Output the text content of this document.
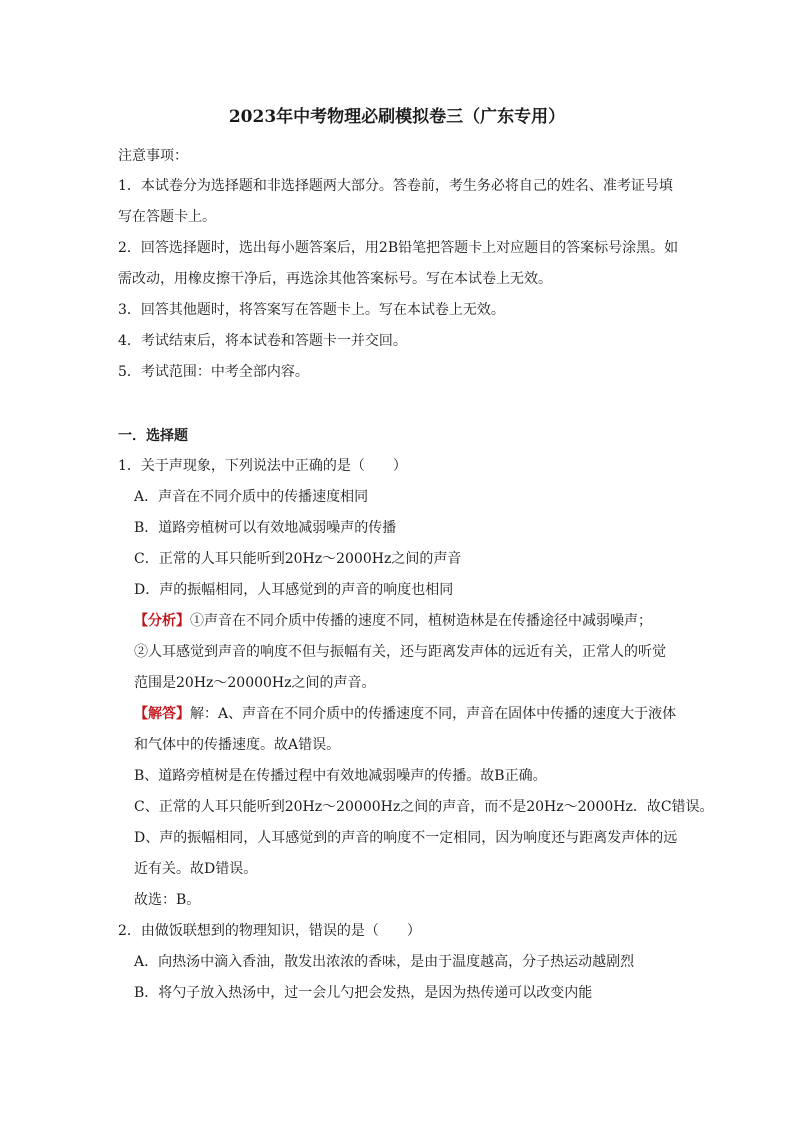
2023年中考物理必刷模拟卷三（广东专用）
注意事项：
1．本试卷分为选择题和非选择题两大部分。答卷前，考生务必将自己的姓名、准考证号填
写在答题卡上。
2．回答选择题时，选出每小题答案后，用2B铅笔把答题卡上对应题目的答案标号涂黑。如
需改动，用橡皮擦干净后，再选涂其他答案标号。写在本试卷上无效。
3．回答其他题时，将答案写在答题卡上。写在本试卷上无效。
4．考试结束后，将本试卷和答题卡一并交回。
5．考试范围：中考全部内容。
一．选择题
1．关于声现象，下列说法中正确的是（　　）
A．声音在不同介质中的传播速度相同
B．道路旁植树可以有效地减弱噪声的传播
C．正常的人耳只能听到20Hz～2000Hz之间的声音
D．声的振幅相同，人耳感觉到的声音的响度也相同
【分析】①声音在不同介质中传播的速度不同，植树造林是在传播途径中减弱噪声；
②人耳感觉到声音的响度不但与振幅有关，还与距离发声体的远近有关，正常人的听觉
范围是20Hz～20000Hz之间的声音。
【解答】解：A、声音在不同介质中的传播速度不同，声音在固体中传播的速度大于液体
和气体中的传播速度。故A错误。
B、道路旁植树是在传播过程中有效地减弱噪声的传播。故B正确。
C、正常的人耳只能听到20Hz～20000Hz之间的声音，而不是20Hz～2000Hz．故C错误。
D、声的振幅相同，人耳感觉到的声音的响度不一定相同，因为响度还与距离发声体的远
近有关。故D错误。
故选：B。
2．由做饭联想到的物理知识，错误的是（　　）
A．向热汤中滴入香油，散发出浓浓的香味，是由于温度越高，分子热运动越剧烈
B．将勺子放入热汤中，过一会儿勺把会发热，是因为热传递可以改变内能
